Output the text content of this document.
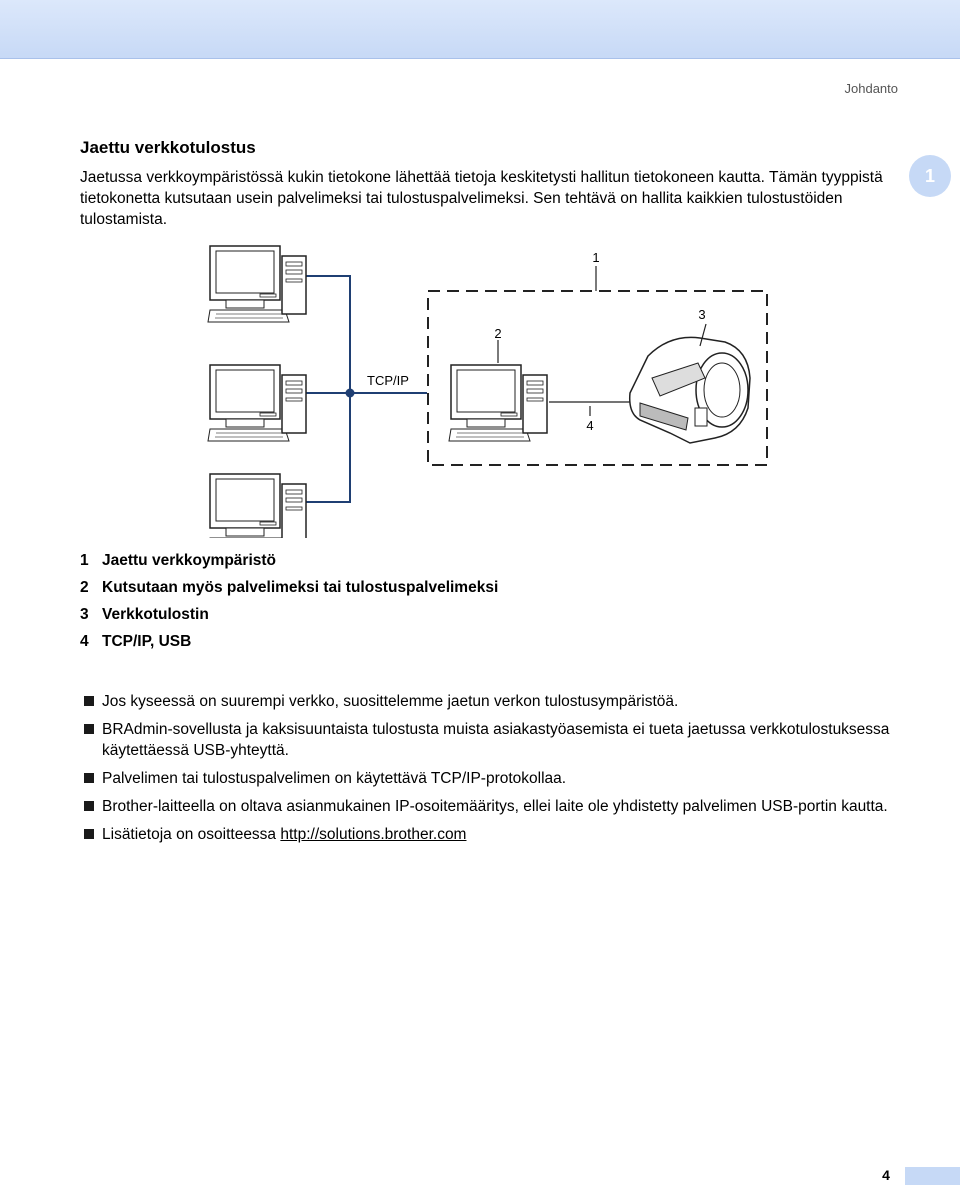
Johdanto
1
Jaettu verkkotulostus

Jaetussa verkkoympäristössä kukin tietokone lähettää tietoja keskitetysti hallitun tietokoneen kautta. Tämän tyyppistä tietokonetta kutsutaan usein palvelimeksi tai tulostuspalvelimeksi. Sen tehtävä on hallita kaikkien tulostustöiden tulostamista.

1
2
3
4
TCP/IP
1 Jaettu verkkoympäristö
2 Kutsutaan myös palvelimeksi tai tulostuspalvelimeksi
3 Verkkotulostin
4 TCP/IP, USB
Jos kyseessä on suurempi verkko, suosittelemme jaetun verkon tulostusympäristöä.
BRAdmin-sovellusta ja kaksisuuntaista tulostusta muista asiakastyöasemista ei tueta jaetussa verkkotulostuksessa käytettäessä USB-yhteyttä.
Palvelimen tai tulostuspalvelimen on käytettävä TCP/IP-protokollaa.
Brother-laitteella on oltava asianmukainen IP-osoitemääritys, ellei laite ole yhdistetty palvelimen USB-portin kautta.
Lisätietoja on osoitteessa http://solutions.brother.com
4
